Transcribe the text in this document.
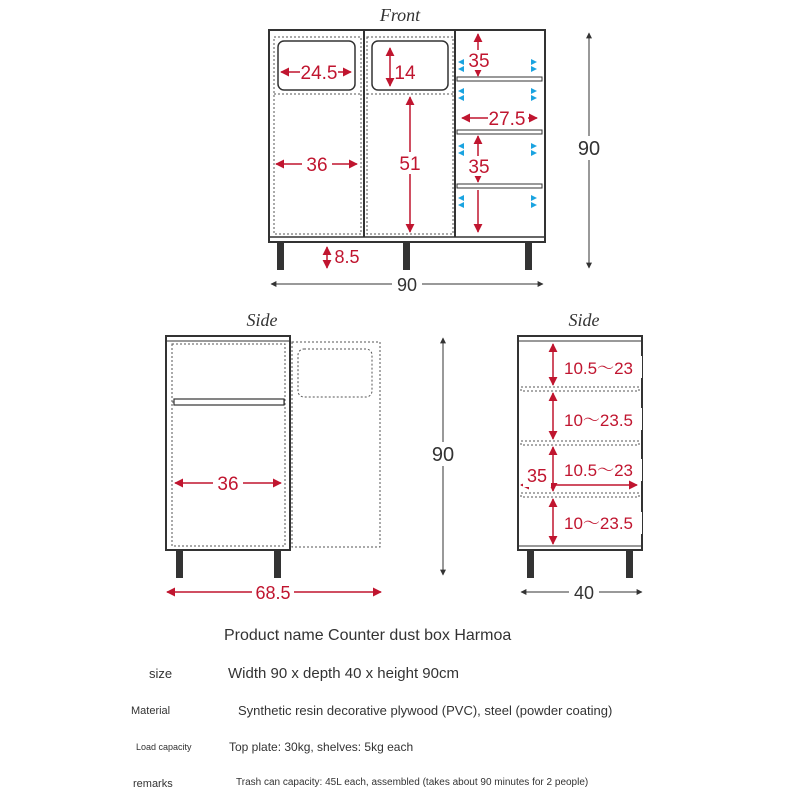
Front
24.5	14
35
27.5
36	51	35
8.5
90
90
Side
36
68.5
90
Side
10.5～23
10～23.5
10.5～23
10～23.5
35
40
Product name Counter dust box Harmoa
size	Width 90 x depth 40 x height 90cm
Material	Synthetic resin decorative plywood (PVC), steel (powder coating)
Load capacity	Top plate: 30kg, shelves: 5kg each
remarks	Trash can capacity: 45L each, assembled (takes about 90 minutes for 2 people)
